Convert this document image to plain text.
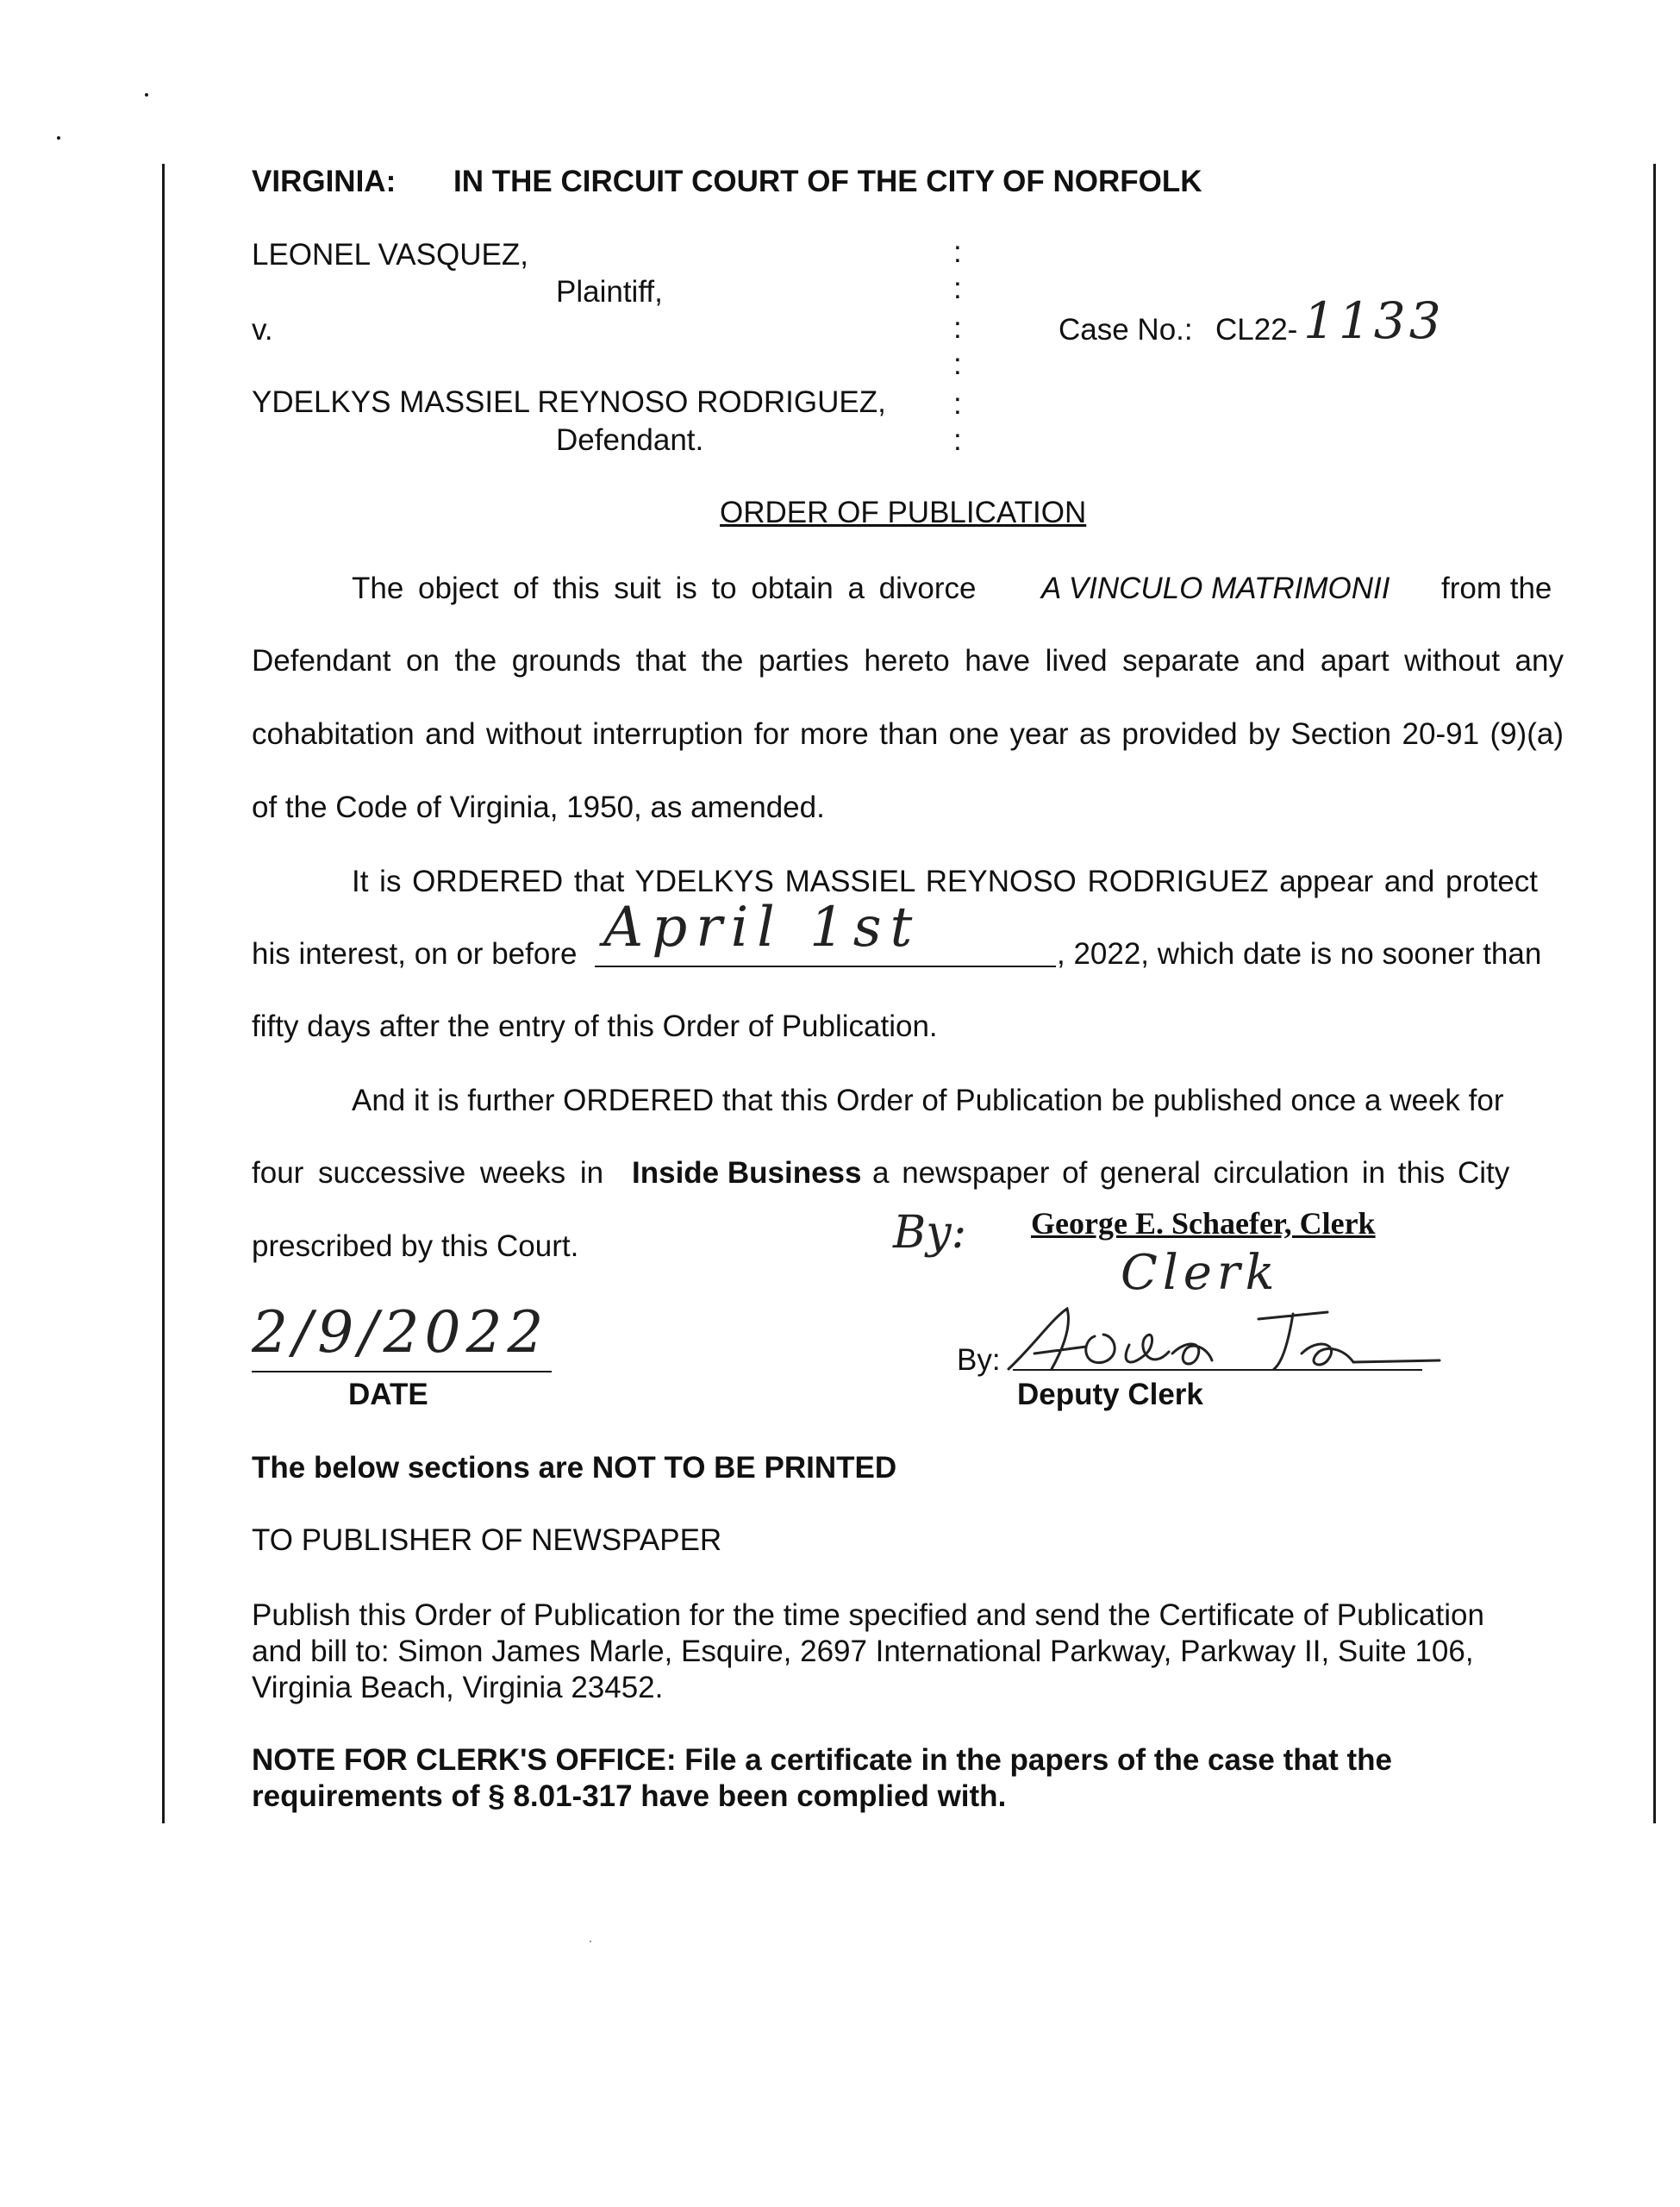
VIRGINIA: IN THE CIRCUIT COURT OF THE CITY OF NORFOLK
LEONEL VASQUEZ,
Plaintiff,
v.
YDELKYS MASSIEL REYNOSO RODRIGUEZ,
Defendant.
:
:
:
:
:
:
Case No.: CL22- 1133
ORDER OF PUBLICATION
The object of this suit is to obtain a divorce A VINCULO MATRIMONII from the
Defendant on the grounds that the parties hereto have lived separate and apart without any
cohabitation and without interruption for more than one year as provided by Section 20-91 (9)(a)
of the Code of Virginia, 1950, as amended.
It is ORDERED that YDELKYS MASSIEL REYNOSO RODRIGUEZ appear and protect
his interest, on or before April 1st	, 2022, which date is no sooner than
fifty days after the entry of this Order of Publication.
And it is further ORDERED that this Order of Publication be published once a week for
four successive weeks in Inside Business a newspaper of general circulation in this City
prescribed by this Court.	By: George E. Schaefer, Clerk
Clerk
2/9/2022
DATE
By:
Deputy Clerk
The below sections are NOT TO BE PRINTED
TO PUBLISHER OF NEWSPAPER
Publish this Order of Publication for the time specified and send the Certificate of Publication
and bill to: Simon James Marle, Esquire, 2697 International Parkway, Parkway II, Suite 106,
Virginia Beach, Virginia 23452.
NOTE FOR CLERK'S OFFICE: File a certificate in the papers of the case that the
requirements of § 8.01-317 have been complied with.
